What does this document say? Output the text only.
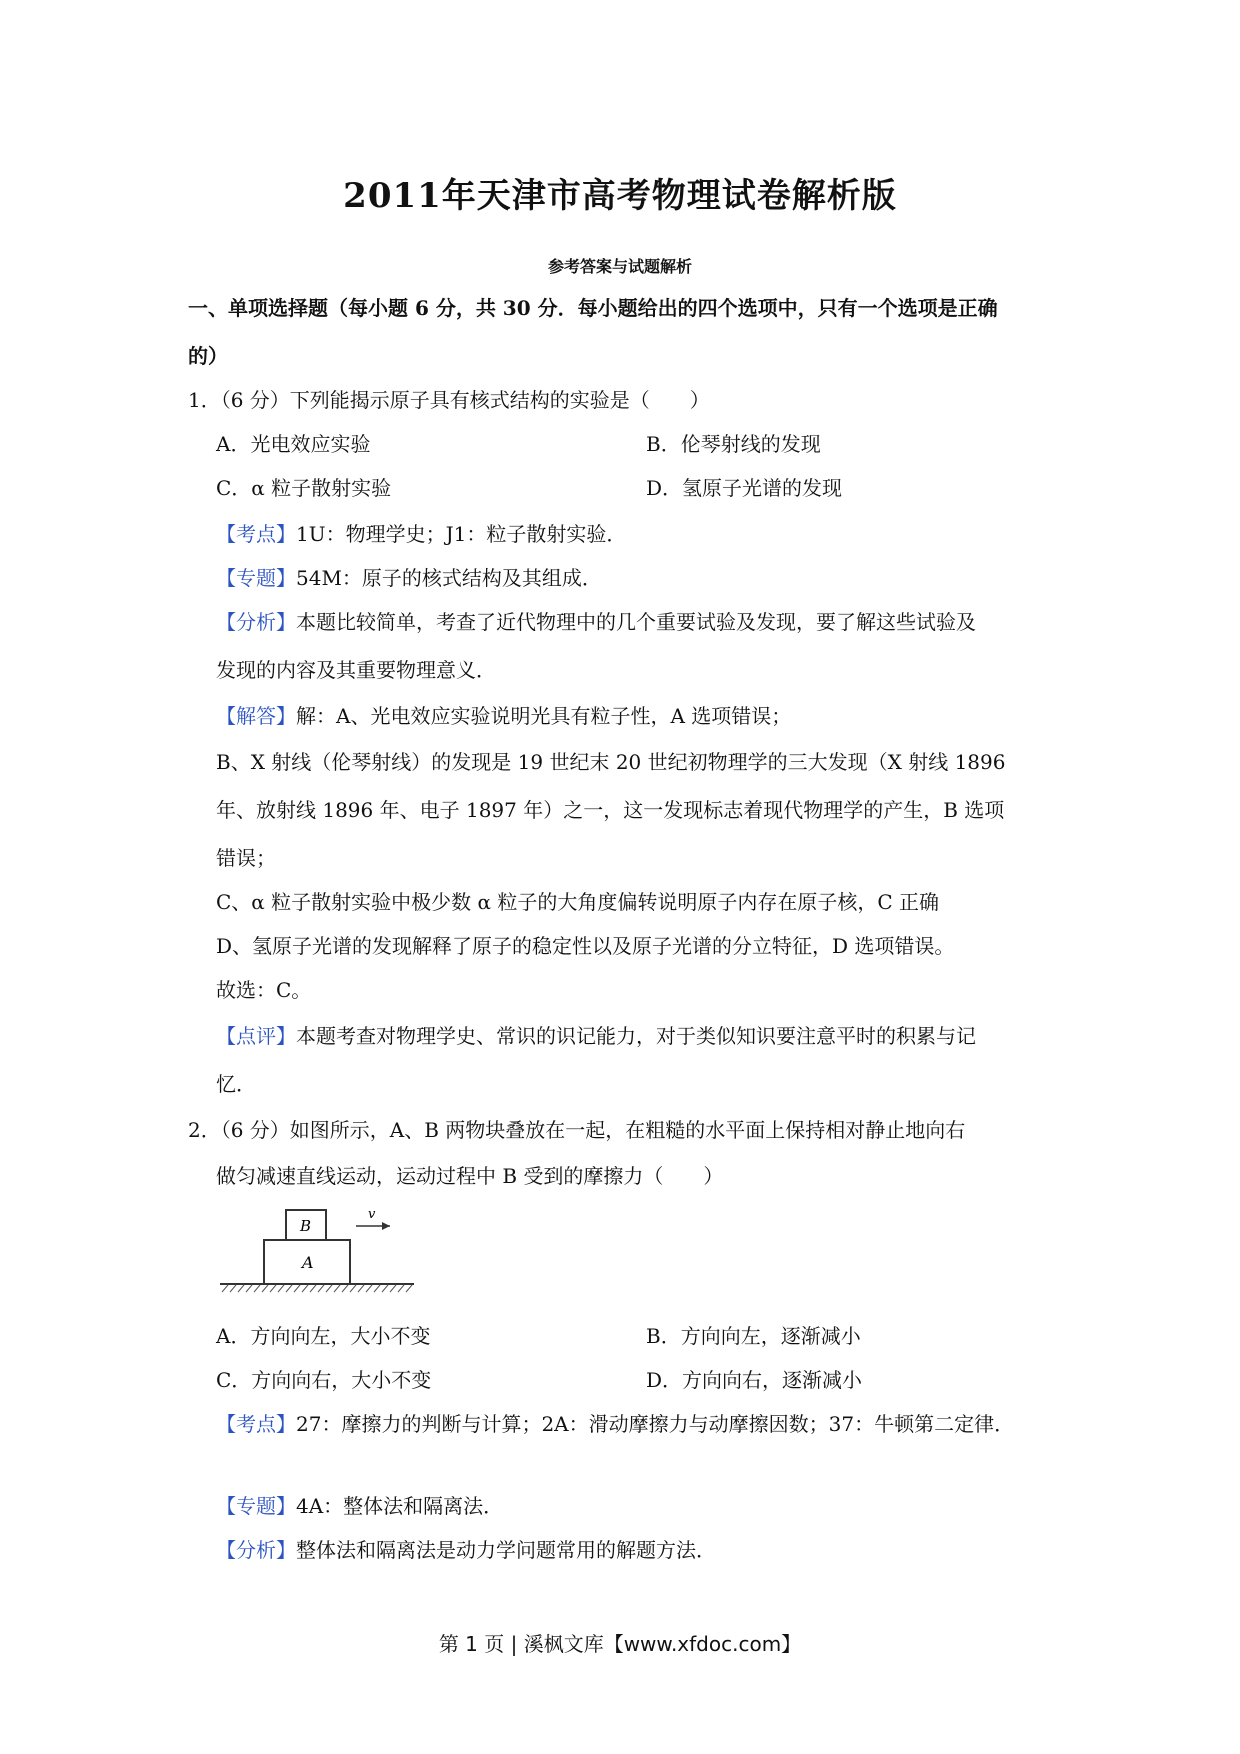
2011年天津市高考物理试卷解析版
参考答案与试题解析
一、单项选择题（每小题 6 分，共 30 分．每小题给出的四个选项中，只有一个选项是正确
的）
1．（6 分）下列能揭示原子具有核式结构的实验是（　　）
A．光电效应实验	B．伦琴射线的发现
C．α 粒子散射实验	D．氢原子光谱的发现
【考点】1U：物理学史；J1：粒子散射实验．
【专题】54M：原子的核式结构及其组成．
【分析】本题比较简单，考查了近代物理中的几个重要试验及发现，要了解这些试验及
发现的内容及其重要物理意义．
【解答】解：A、光电效应实验说明光具有粒子性，A 选项错误；
B、X 射线（伦琴射线）的发现是 19 世纪末 20 世纪初物理学的三大发现（X 射线 1896
年、放射线 1896 年、电子 1897 年）之一，这一发现标志着现代物理学的产生，B 选项
错误；
C、α 粒子散射实验中极少数 α 粒子的大角度偏转说明原子内存在原子核，C 正确
D、氢原子光谱的发现解释了原子的稳定性以及原子光谱的分立特征，D 选项错误。
故选：C。
【点评】本题考查对物理学史、常识的识记能力，对于类似知识要注意平时的积累与记
忆．
2．（6 分）如图所示，A、B 两物块叠放在一起，在粗糙的水平面上保持相对静止地向右
做匀减速直线运动，运动过程中 B 受到的摩擦力（　　）
A
B
v
A．方向向左，大小不变	B．方向向左，逐渐减小
C．方向向右，大小不变	D．方向向右，逐渐减小
【考点】27：摩擦力的判断与计算；2A：滑动摩擦力与动摩擦因数；37：牛顿第二定律．
【专题】4A：整体法和隔离法．
【分析】整体法和隔离法是动力学问题常用的解题方法．
第 1 页 | 溪枫文库【www.xfdoc.com】
